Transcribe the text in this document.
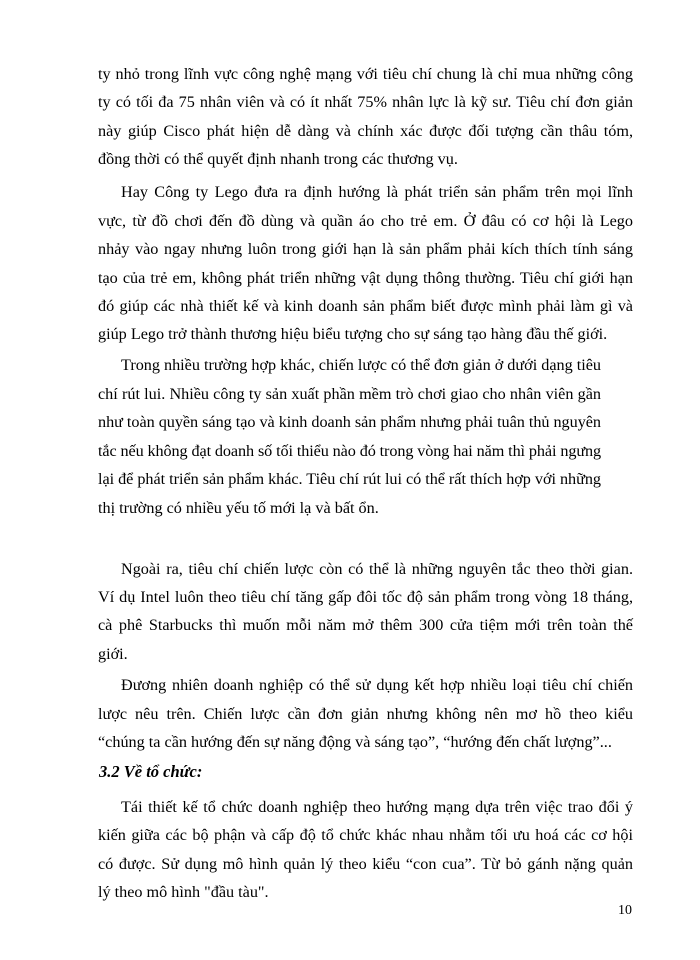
ty nhỏ trong lĩnh vực công nghệ mạng với tiêu chí chung là chỉ mua những công
ty có tối đa 75 nhân viên và có ít nhất 75% nhân lực là kỹ sư. Tiêu chí đơn giản
này giúp Cisco phát hiện dễ dàng và chính xác được đối tượng cần thâu tóm,
đồng thời có thể quyết định nhanh trong các thương vụ.
Hay Công ty Lego đưa ra định hướng là phát triển sản phẩm trên mọi lĩnh
vực, từ đồ chơi đến đồ dùng và quần áo cho trẻ em. Ở đâu có cơ hội là Lego
nhảy vào ngay nhưng luôn trong giới hạn là sản phẩm phải kích thích tính sáng
tạo của trẻ em, không phát triển những vật dụng thông thường. Tiêu chí giới hạn
đó giúp các nhà thiết kế và kinh doanh sản phẩm biết được mình phải làm gì và
giúp Lego trở thành thương hiệu biểu tượng cho sự sáng tạo hàng đầu thế giới.
Trong nhiều trường hợp khác, chiến lược có thể đơn giản ở dưới dạng tiêu
chí rút lui. Nhiều công ty sản xuất phần mềm trò chơi giao cho nhân viên gần
như toàn quyền sáng tạo và kinh doanh sản phẩm nhưng phải tuân thủ nguyên
tắc nếu không đạt doanh số tối thiểu nào đó trong vòng hai năm thì phải ngưng
lại để phát triển sản phẩm khác. Tiêu chí rút lui có thể rất thích hợp với những
thị trường có nhiều yếu tố mới lạ và bất ổn.
Ngoài ra, tiêu chí chiến lược còn có thể là những nguyên tắc theo thời gian.
Ví dụ Intel luôn theo tiêu chí tăng gấp đôi tốc độ sản phẩm trong vòng 18 tháng,
cà phê Starbucks thì muốn mỗi năm mở thêm 300 cửa tiệm mới trên toàn thế
giới.
Đương nhiên doanh nghiệp có thể sử dụng kết hợp nhiều loại tiêu chí chiến
lược nêu trên. Chiến lược cần đơn giản nhưng không nên mơ hồ theo kiểu
“chúng ta cần hướng đến sự năng động và sáng tạo”, “hướng đến chất lượng”...
3.2 Về tổ chức:
Tái thiết kế tổ chức doanh nghiệp theo hướng mạng dựa trên việc trao đổi ý
kiến giữa các bộ phận và cấp độ tổ chức khác nhau nhằm tối ưu hoá các cơ hội
có được. Sử dụng mô hình quản lý theo kiểu “con cua”. Từ bỏ gánh nặng quản
lý theo mô hình "đầu tàu".
10
